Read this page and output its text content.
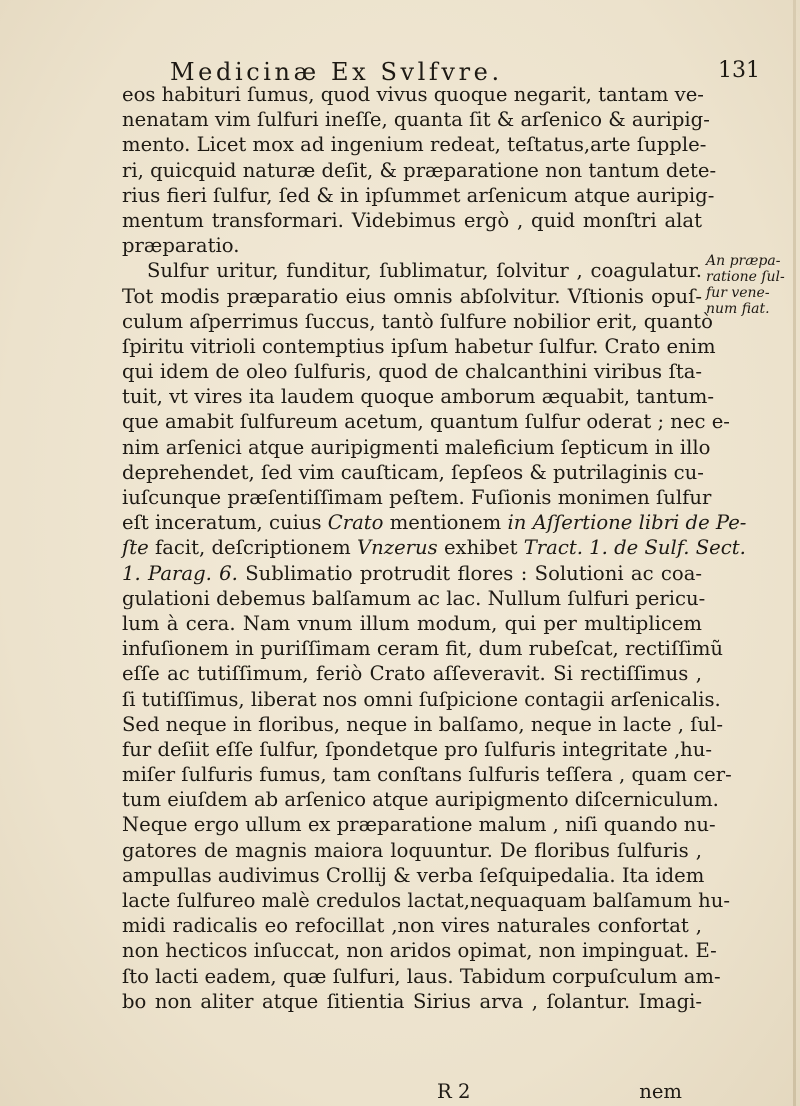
Medicinæ Ex Svlfvre.	131
eos habituri ſumus, quod vivus quoque negarit, tantam ve-
nenatam vim ſulfuri ineſſe, quanta ſit & arſenico & auripig-
mento. Licet mox ad ingenium redeat, teſtatus,arte ſupple-
ri, quicquid naturæ deſit, & præparatione non tantum dete-
rius fieri ſulfur, ſed & in ipſummet arſenicum atque auripig-
mentum transformari. Videbimus ergò , quid monſtri alat
præparatio.
Sulfur uritur, funditur, ſublimatur, ſolvitur , coagulatur.
Tot modis præparatio eius omnis abſolvitur. Vſtionis opuſ-
culum aſperrimus ſuccus, tantò ſulfure nobilior erit, quantò
ſpiritu vitrioli contemptius ipſum habetur ſulfur. Crato enim
qui idem de oleo ſulfuris, quod de chalcanthini viribus ſta-
tuit, vt vires ita laudem quoque amborum æquabit, tantum-
que amabit ſulfureum acetum, quantum ſulfur oderat ; nec e-
nim arſenici atque auripigmenti maleficium ſepticum in illo
deprehendet, ſed vim cauſticam, ſepſeos & putrilaginis cu-
iuſcunque præſentiſſimam peſtem. Fuſionis monimen ſulfur
eſt inceratum, cuius Crato mentionem in Aſſertione libri de Pe-
ſte facit, deſcriptionem Vnzerus exhibet Tract. 1. de Sulf. Sect.
1. Parag. 6. Sublimatio protrudit flores : Solutioni ac coa-
gulationi debemus balſamum ac lac. Nullum ſulfuri pericu-
lum à cera. Nam vnum illum modum, qui per multiplicem
infuſionem in puriſſimam ceram fit, dum rubeſcat, rectiſſimũ
eſſe ac tutiſſimum, feriò Crato aſſeveravit. Si rectiſſimus ,
ſi tutiſſimus, liberat nos omni ſuſpicione contagii arſenicalis.
Sed neque in floribus, neque in balſamo, neque in lacte , ſul-
fur deſiit eſſe ſulfur, ſpondetque pro ſulfuris integritate ,hu-
miſer ſulfuris fumus, tam conſtans ſulfuris teſſera , quam cer-
tum eiuſdem ab arſenico atque auripigmento diſcerniculum.
Neque ergo ullum ex præparatione malum , niſi quando nu-
gatores de magnis maiora loquuntur. De floribus ſulfuris ,
ampullas audivimus Crollij & verba ſeſquipedalia. Ita idem
lacte ſulfureo malè credulos lactat,nequaquam balſamum hu-
midi radicalis eo refocillat ,non vires naturales confortat ,
non hecticos inſuccat, non aridos opimat, non impinguat. E-
ſto lacti eadem, quæ ſulfuri, laus. Tabidum corpuſculum am-
bo non aliter atque ſitientia Sirius arva , ſolantur. Imagi-
An præpa-
ratione ſul-
fur vene-
num fiat.
R 2	nem
